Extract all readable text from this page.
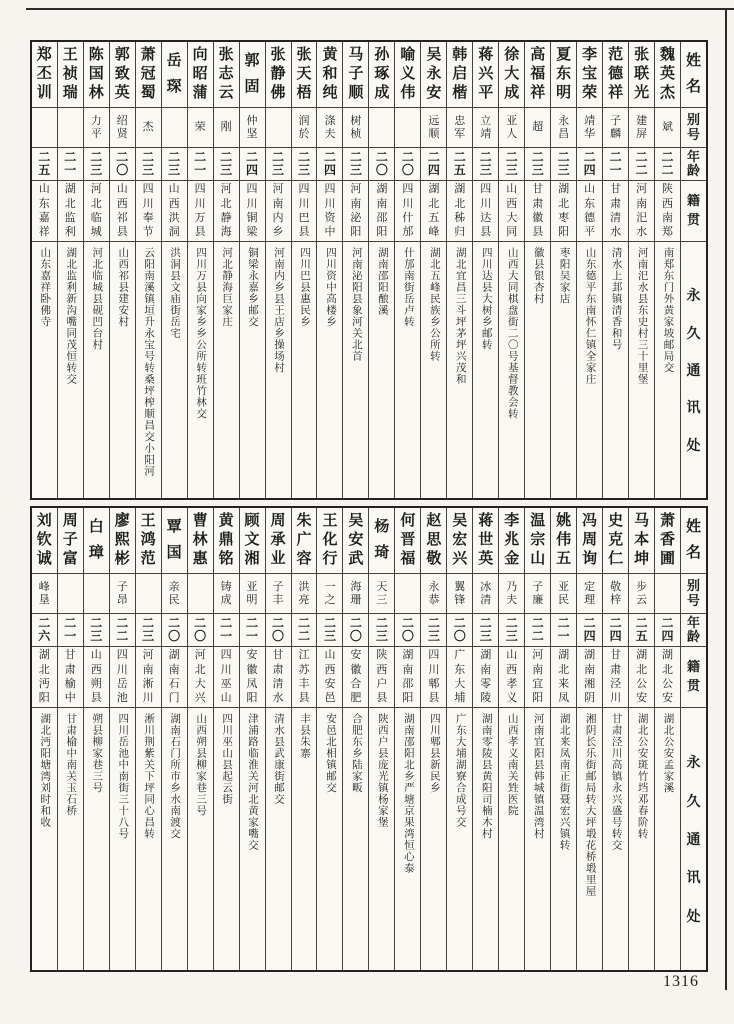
姓
名
别
号
年
龄
籍
贯
永
久
通
讯
处
魏
英
杰
斌
二
二
陕
西
南
郑
南郑东门外黄家坡邮局交
张
联
光
建
屏
二
二
河
南
汜
水
河南汜水县东史村三十里堡
范
德
祥
子
麟
二
一
甘
肃
清
水
清水上邽镇清香和号
李
宝
荣
靖
华
二
四
山
东
德
平
山东德平东南怀仁镇全家庄
夏
东
明
永
昌
二
三
湖
北
枣
阳
枣阳吴家店
高
福
祥
超
二
三
甘
肃
徽
县
徽县银杏村
徐
大
成
亚
人
二
三
山
西
大
同
山西大同棋盘街二〇号基督教会转
蒋
兴
平
立
靖
二
三
四
川
达
县
四川达县大树乡邮转
韩
启
楷
忠
军
二
五
湖
北
秭
归
湖北宜昌三斗坪茅坪兴茂和
吴
永
安
远
顺
二
四
湖
北
五
峰
湖北五峰民族乡公所转
喻
义
伟
二
〇
四
川
什
邡
什邡南街岳卢转
孙
琢
成
二
〇
湖
南
邵
阳
湖南邵阳酿溪
马
子
顺
树
桢
二
三
河
南
泌
阳
河南泌阳县象河关北首
黄
和
纯
涤
夫
二
四
四
川
资
中
四川资中高楼乡
张
天
梧
润
於
二
三
四
川
巴
县
四川巴县惠民乡
张
静
佛
二
三
河
南
内
乡
河南内乡县王店乡操场村
郭
固
仲
坚
二
四
四
川
铜
梁
铜梁永嘉乡邮交
张
志
云
刚
二
三
河
北
静
海
河北静海巨家庄
向
昭
蒲
荣
二
一
四
川
万
县
四川万县向家乡乡公所转班竹林交
岳
琛
二
三
山
西
洪
洞
洪洞县文庙街岳宅
萧
冠
蜀
杰
二
三
四
川
奉
节
云阳南溪镇垣升永宝号转桑坪榨顺昌交小阳河
郭
致
英
绍
贤
二
〇
山
西
祁
县
山西祁县建安村
陈
国
林
力
平
二
三
河
北
临
城
河北临城县砚凹台村
王
祯
瑞
二
一
湖
北
监
利
湖北监利新沟嘴同茂恒转交
郑
丕
训
二
五
山
东
嘉
祥
山东嘉祥卧佛寺
姓
名
别
号
年
龄
籍
贯
永
久
通
讯
处
萧
香
圃
二
四
湖
北
公
安
湖北公安孟家溪
马
本
坤
步
云
二
五
湖
北
公
安
湖北公安斑竹垱邓春阶转
史
克
仁
敬
梓
二
四
甘
肃
泾
川
甘肃泾川高镇永兴盛号转交
冯
周
询
定
理
二
四
湖
南
湘
阴
湘阴长乐街邮局转大坪塅花桥塅里屋
姚
伟
五
亚
民
二
一
湖
北
来
凤
湖北来凤南正街聂宏兴镇转
温
宗
山
子
廉
二
二
河
南
宜
阳
河南宜阳县韩城镇温湾村
李
兆
金
乃
夫
二
三
山
西
孝
义
山西孝义南关甡医院
蒋
世
英
冰
清
二
三
湖
南
零
陵
湖南零陵县黄阳司楠木村
吴
宏
兴
翼
锋
二
〇
广
东
大
埔
广东大埔湖寮合成号交
赵
思
敬
永
恭
二
三
四
川
郫
县
四川郫县新民乡
何
晋
福
二
〇
湖
南
邵
阳
湖南邵阳北乡严塘京果湾恒心泰
杨
琦
天
三
二
三
陕
西
户
县
陕西户县庞光镇杨家堡
吴
安
武
海
珊
二
〇
安
徽
合
肥
合肥东乡陆家畈
王
化
行
一
之
二
三
山
西
安
邑
安邑北相镇邮交
朱
广
容
洪
亮
二
二
江
苏
丰
县
丰县朱寨
周
承
业
子
丰
二
〇
甘
肃
清
水
清水县武康街邮交
顾
文
湘
亚
明
二
一
安
徽
凤
阳
津浦路临淮关河北黄家嘴交
黄
鼎
铭
铸
成
二
一
四
川
巫
山
四川巫山县起云街
曹
林
惠
二
〇
河
北
大
兴
山西朔县柳家巷三号
覃
国
亲
民
二
〇
湖
南
石
门
湖南石门所市乡水南渡交
王
鸿
范
二
三
河
南
淅
川
淅川荆紫关下坪同心昌转
廖
熙
彬
子
昂
二
二
四
川
岳
池
四川岳池中南街三十八号
白
璋
二
三
山
西
朔
县
朔县柳家巷三号
周
子
富
二
一
甘
肃
榆
中
甘肃榆中南关玉石桥
刘
钦
诚
峰
垦
二
六
湖
北
沔
阳
湖北沔阳塘湾刘时和收
1316
